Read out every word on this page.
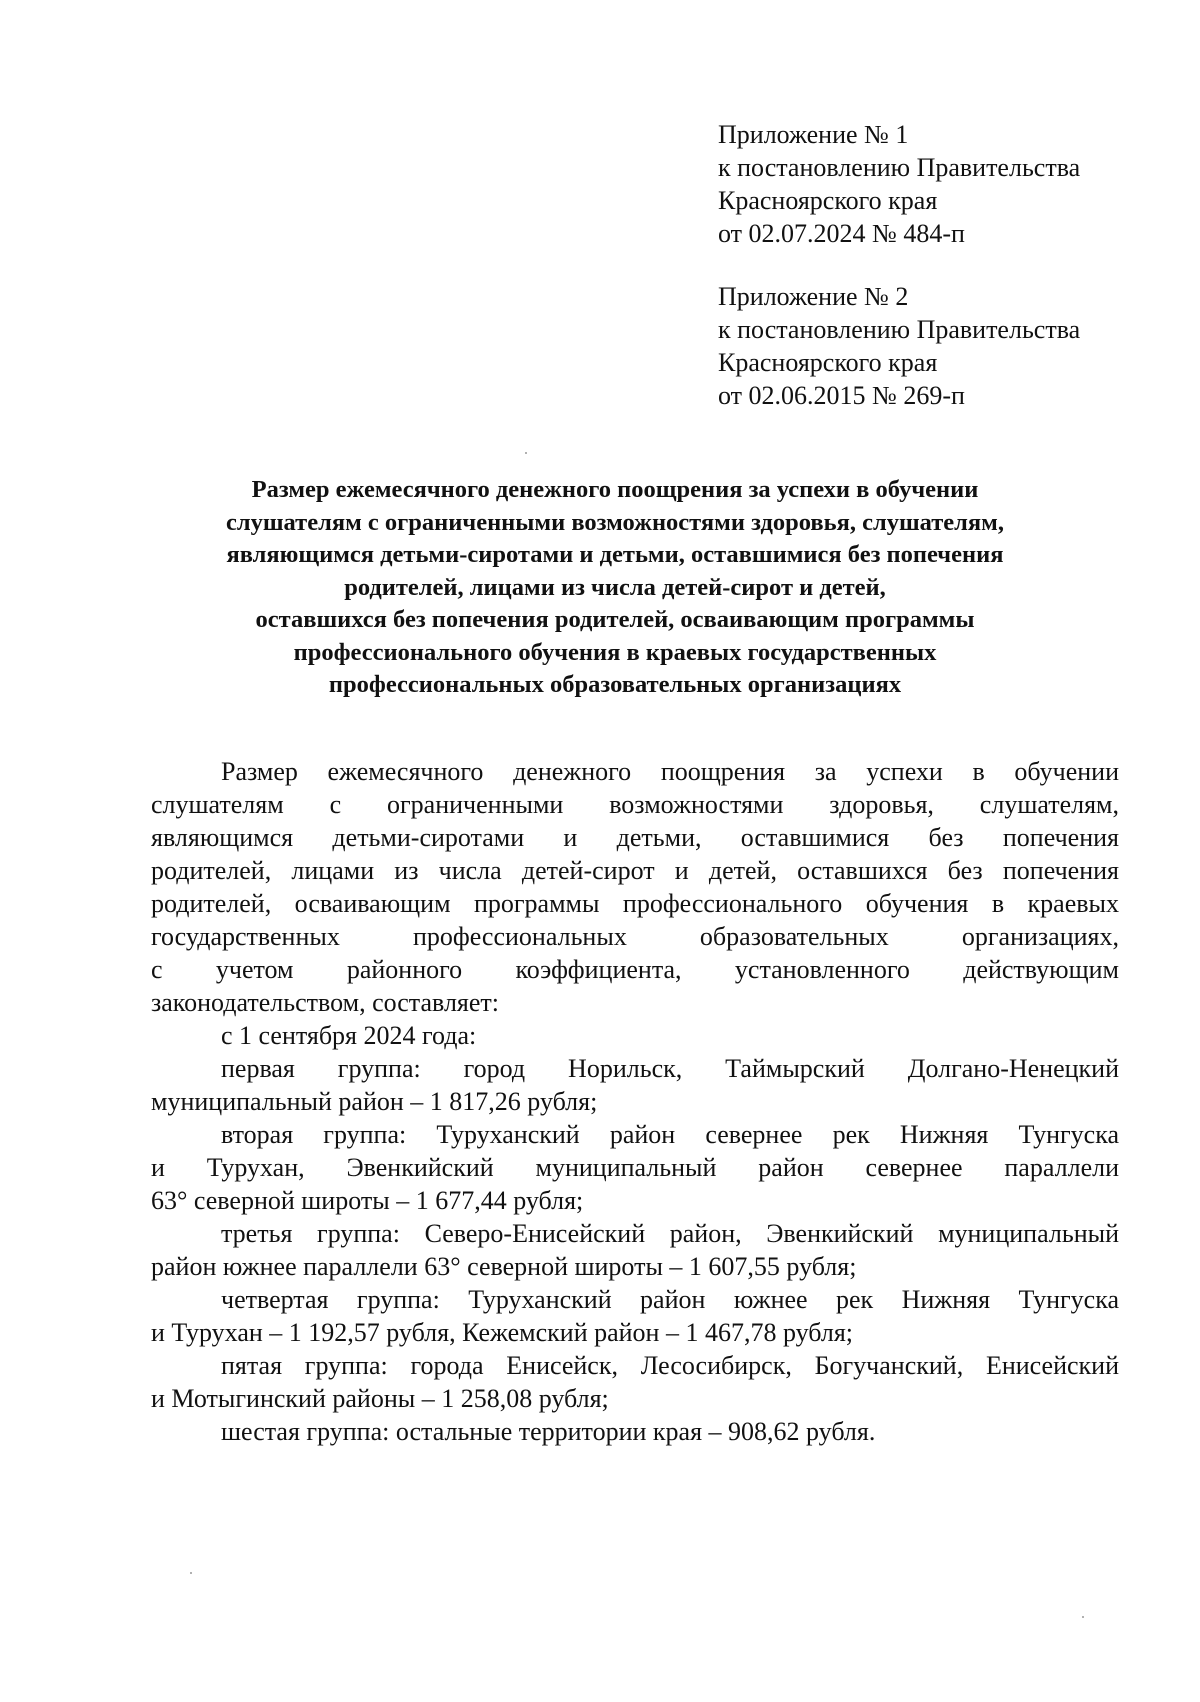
Приложение № 1
к постановлению Правительства
Красноярского края
от 02.07.2024 № 484-п
Приложение № 2
к постановлению Правительства
Красноярского края
от 02.06.2015 № 269-п
Размер ежемесячного денежного поощрения за успехи в обучении
слушателям с ограниченными возможностями здоровья, слушателям,
являющимся детьми-сиротами и детьми, оставшимися без попечения
родителей, лицами из числа детей-сирот и детей,
оставшихся без попечения родителей, осваивающим программы
профессионального обучения в краевых государственных
профессиональных образовательных организациях
Размер ежемесячного денежного поощрения за успехи в обучении
слушателям с ограниченными возможностями здоровья, слушателям,
являющимся детьми-сиротами и детьми, оставшимися без попечения
родителей, лицами из числа детей-сирот и детей, оставшихся без попечения
родителей, осваивающим программы профессионального обучения в краевых
государственных профессиональных образовательных организациях,
с учетом районного коэффициента, установленного действующим
законодательством, составляет:
с 1 сентября 2024 года:
первая группа: город Норильск, Таймырский Долгано-Ненецкий
муниципальный район – 1 817,26 рубля;
вторая группа: Туруханский район севернее рек Нижняя Тунгуска
и Турухан, Эвенкийский муниципальный район севернее параллели
63° северной широты – 1 677,44 рубля;
третья группа: Северо-Енисейский район, Эвенкийский муниципальный
район южнее параллели 63° северной широты – 1 607,55 рубля;
четвертая группа: Туруханский район южнее рек Нижняя Тунгуска
и Турухан – 1 192,57 рубля, Кежемский район – 1 467,78 рубля;
пятая группа: города Енисейск, Лесосибирск, Богучанский, Енисейский
и Мотыгинский районы – 1 258,08 рубля;
шестая группа: остальные территории края – 908,62 рубля.
